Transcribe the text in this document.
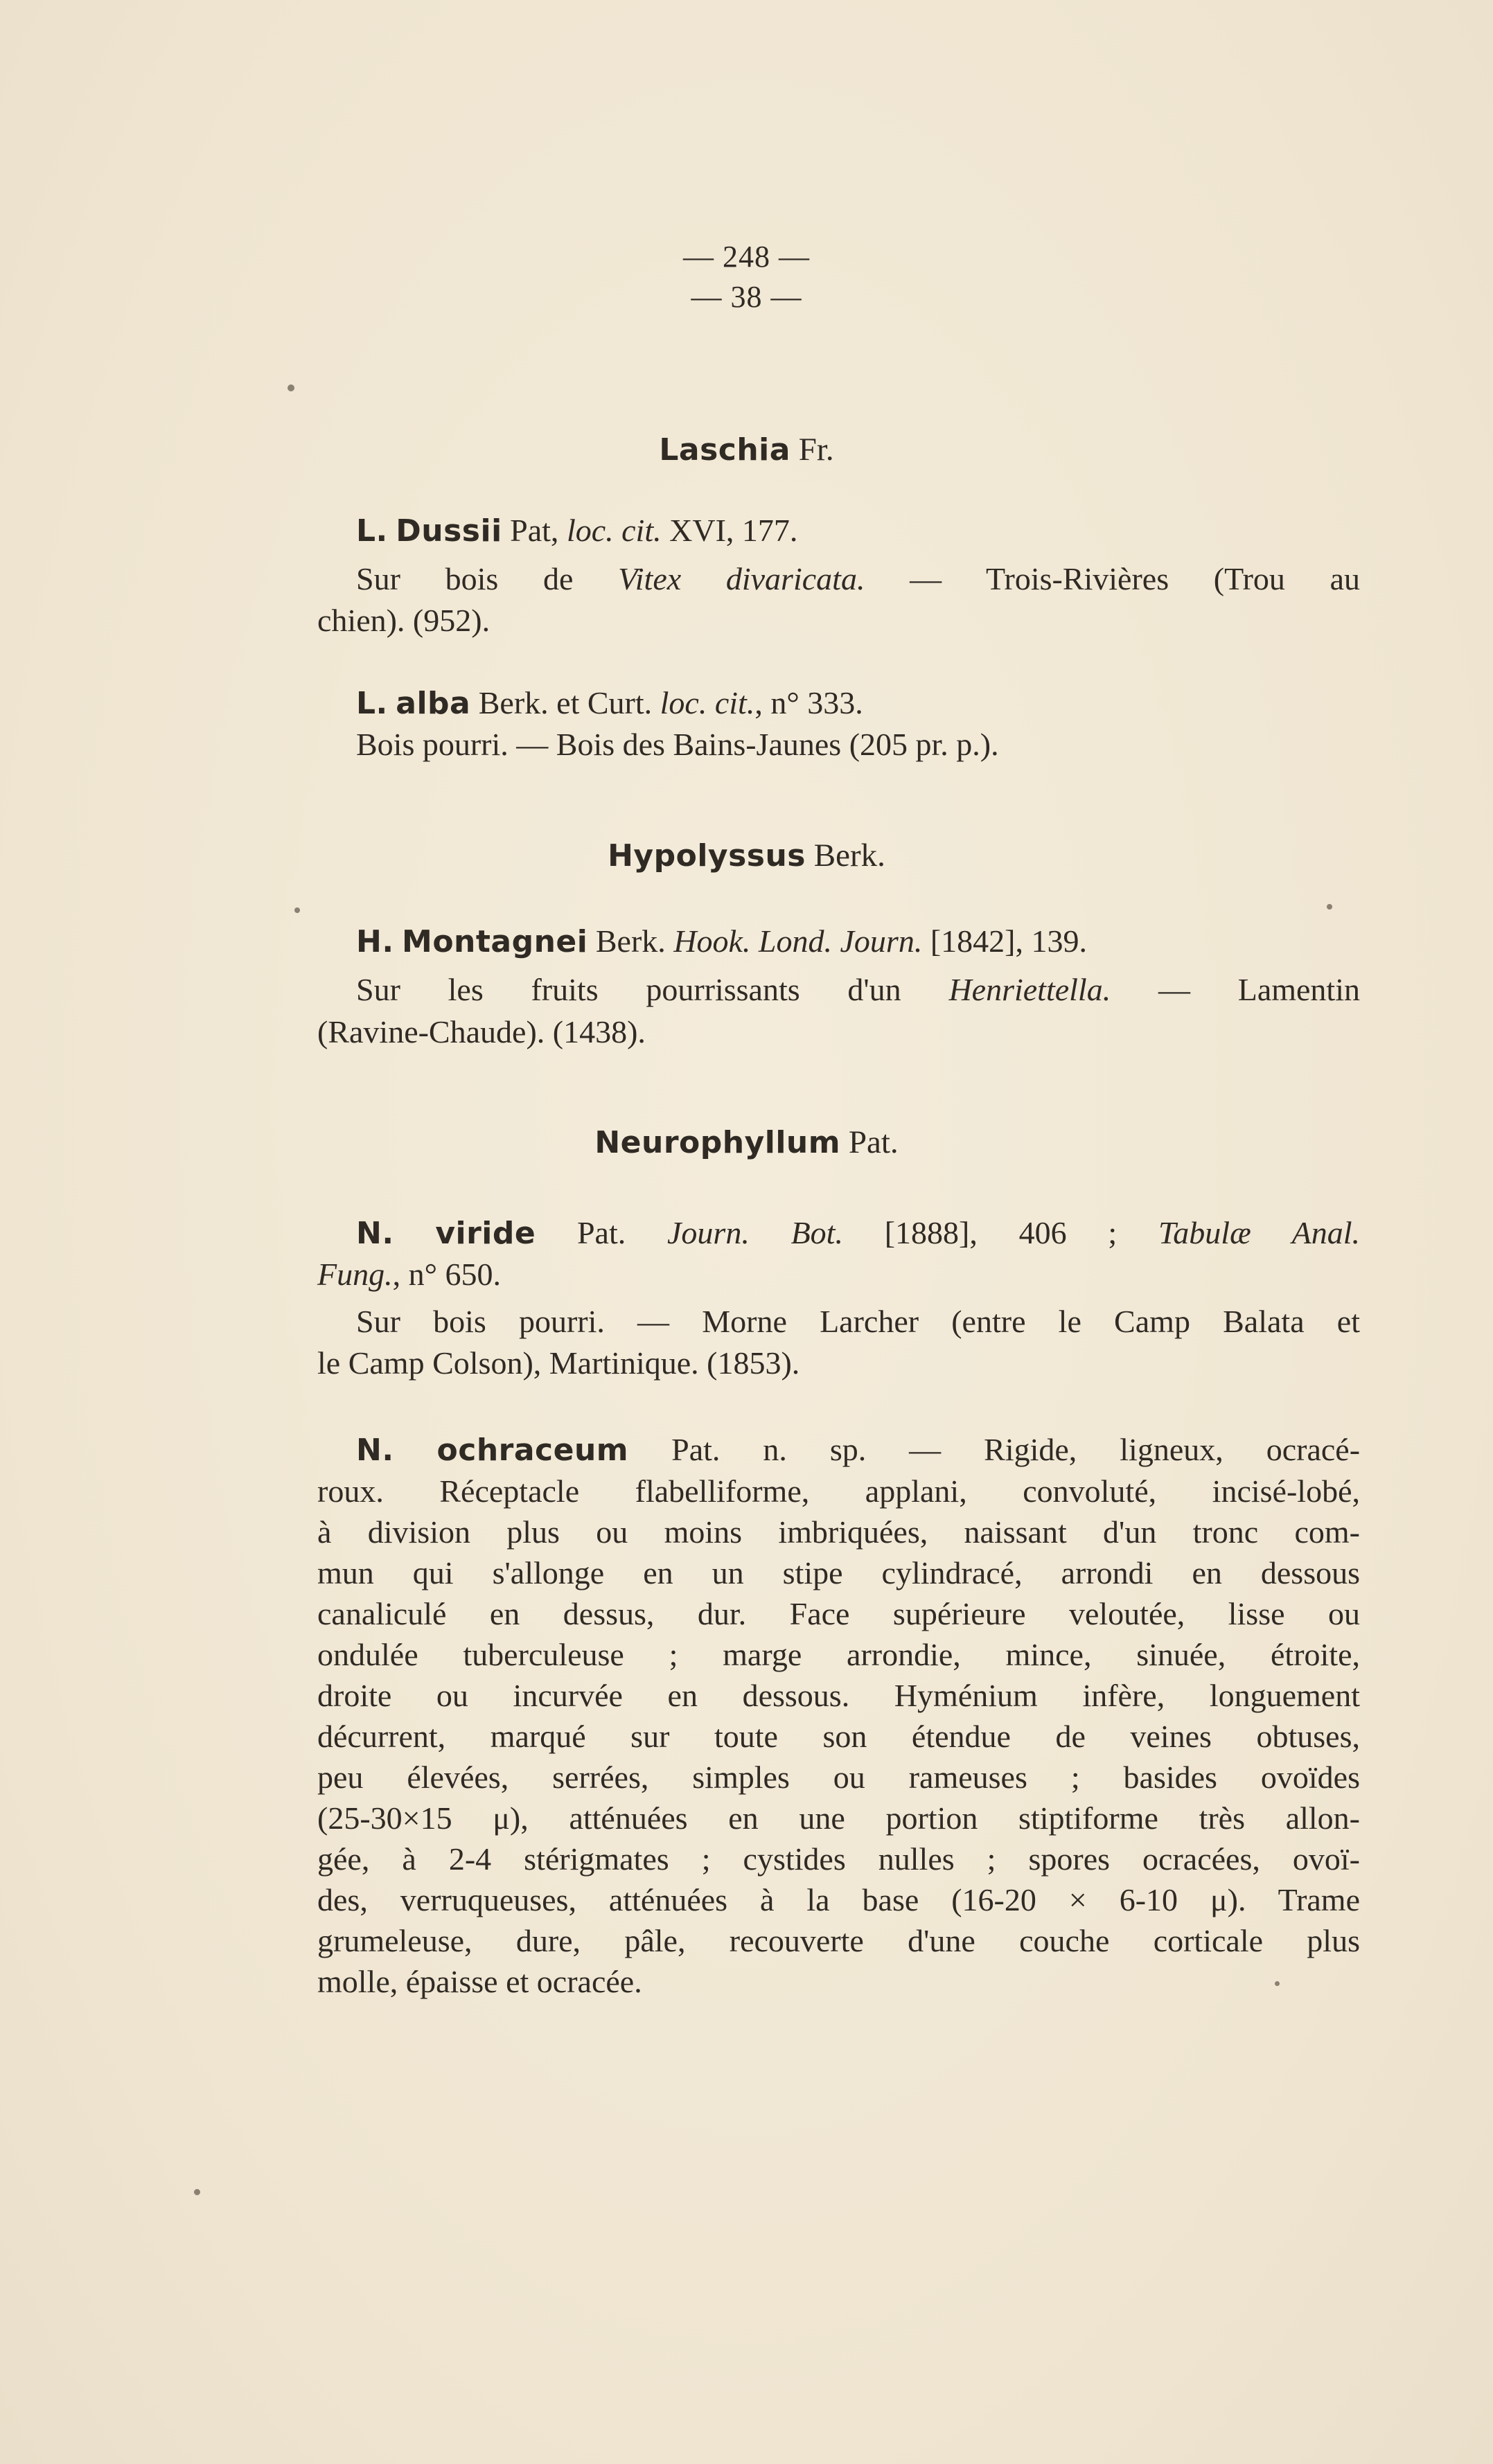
— 248 —
— 38 —
Laschia Fr.
L. Dussii Pat, loc. cit. XVI, 177.
Sur bois de Vitex divaricata. — Trois-Rivières (Trou au
chien). (952).
L. alba Berk. et Curt. loc. cit., n° 333.
Bois pourri. — Bois des Bains-Jaunes (205 pr. p.).
Hypolyssus Berk.
H. Montagnei Berk. Hook. Lond. Journ. [1842], 139.
Sur les fruits pourrissants d'un Henriettella. — Lamentin
(Ravine-Chaude). (1438).
Neurophyllum Pat.
N. viride Pat. Journ. Bot. [1888], 406 ; Tabulæ Anal.
Fung., n° 650.
Sur bois pourri. — Morne Larcher (entre le Camp Balata et
le Camp Colson), Martinique. (1853).
N. ochraceum Pat. n. sp. — Rigide, ligneux, ocracé-
roux. Réceptacle flabelliforme, applani, convoluté, incisé-lobé,
à division plus ou moins imbriquées, naissant d'un tronc com-
mun qui s'allonge en un stipe cylindracé, arrondi en dessous
canaliculé en dessus, dur. Face supérieure veloutée, lisse ou
ondulée tuberculeuse ; marge arrondie, mince, sinuée, étroite,
droite ou incurvée en dessous. Hyménium infère, longuement
décurrent, marqué sur toute son étendue de veines obtuses,
peu élevées, serrées, simples ou rameuses ; basides ovoïdes
(25-30×15 μ), atténuées en une portion stiptiforme très allon-
gée, à 2-4 stérigmates ; cystides nulles ; spores ocracées, ovoï-
des, verruqueuses, atténuées à la base (16-20 × 6-10 μ). Trame
grumeleuse, dure, pâle, recouverte d'une couche corticale plus
molle, épaisse et ocracée.
